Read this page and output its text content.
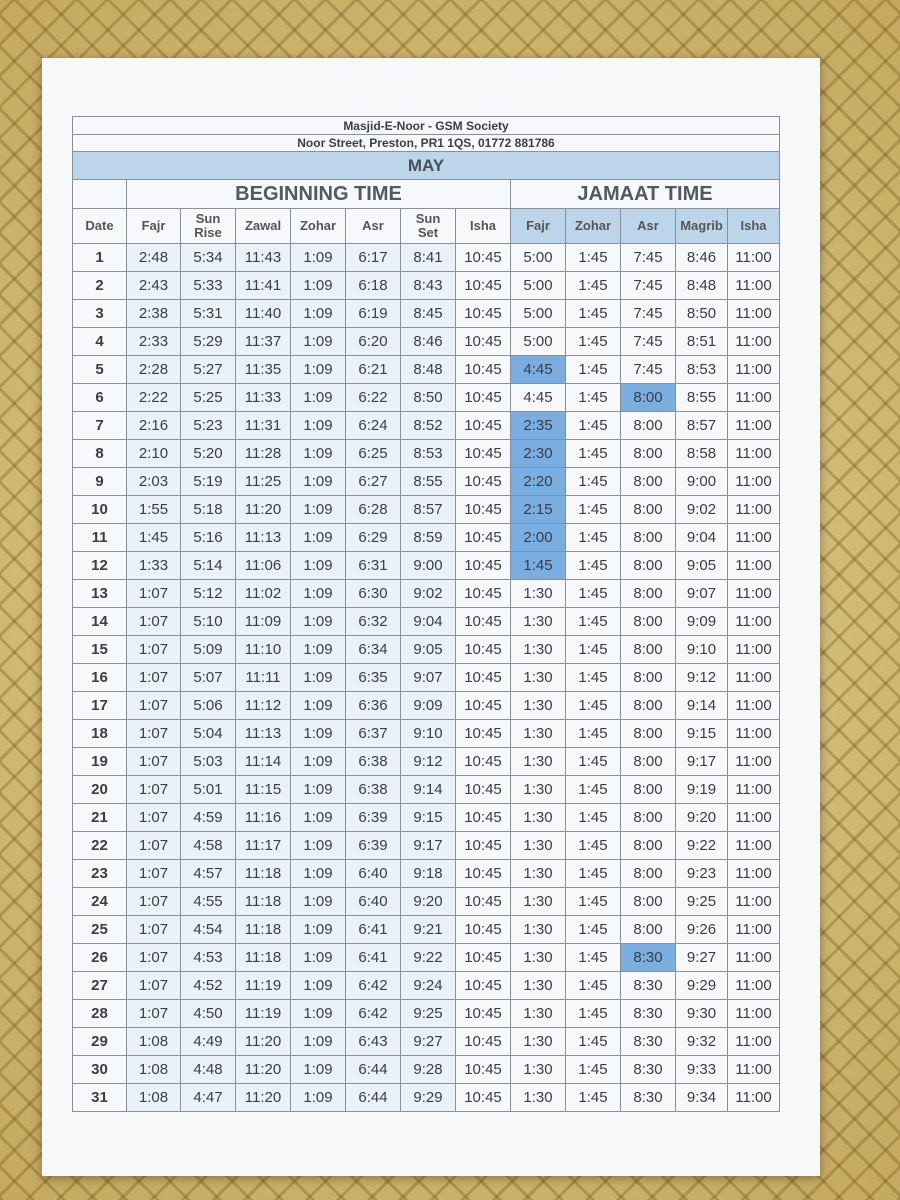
Masjid-E-Noor - GSM Society												
Noor Street, Preston, PR1 1QS, 01772 881786												
MAY												
	BEGINNING TIME							JAMAAT TIME				
Date	Fajr	Sun Rise	Zawal	Zohar	Asr	Sun Set	Isha	Fajr	Zohar	Asr	Magrib	Isha
1	2:48	5:34	11:43	1:09	6:17	8:41	10:45	5:00	1:45	7:45	8:46	11:00
2	2:43	5:33	11:41	1:09	6:18	8:43	10:45	5:00	1:45	7:45	8:48	11:00
3	2:38	5:31	11:40	1:09	6:19	8:45	10:45	5:00	1:45	7:45	8:50	11:00
4	2:33	5:29	11:37	1:09	6:20	8:46	10:45	5:00	1:45	7:45	8:51	11:00
5	2:28	5:27	11:35	1:09	6:21	8:48	10:45	4:45	1:45	7:45	8:53	11:00
6	2:22	5:25	11:33	1:09	6:22	8:50	10:45	4:45	1:45	8:00	8:55	11:00
7	2:16	5:23	11:31	1:09	6:24	8:52	10:45	2:35	1:45	8:00	8:57	11:00
8	2:10	5:20	11:28	1:09	6:25	8:53	10:45	2:30	1:45	8:00	8:58	11:00
9	2:03	5:19	11:25	1:09	6:27	8:55	10:45	2:20	1:45	8:00	9:00	11:00
10	1:55	5:18	11:20	1:09	6:28	8:57	10:45	2:15	1:45	8:00	9:02	11:00
11	1:45	5:16	11:13	1:09	6:29	8:59	10:45	2:00	1:45	8:00	9:04	11:00
12	1:33	5:14	11:06	1:09	6:31	9:00	10:45	1:45	1:45	8:00	9:05	11:00
13	1:07	5:12	11:02	1:09	6:30	9:02	10:45	1:30	1:45	8:00	9:07	11:00
14	1:07	5:10	11:09	1:09	6:32	9:04	10:45	1:30	1:45	8:00	9:09	11:00
15	1:07	5:09	11:10	1:09	6:34	9:05	10:45	1:30	1:45	8:00	9:10	11:00
16	1:07	5:07	11:11	1:09	6:35	9:07	10:45	1:30	1:45	8:00	9:12	11:00
17	1:07	5:06	11:12	1:09	6:36	9:09	10:45	1:30	1:45	8:00	9:14	11:00
18	1:07	5:04	11:13	1:09	6:37	9:10	10:45	1:30	1:45	8:00	9:15	11:00
19	1:07	5:03	11:14	1:09	6:38	9:12	10:45	1:30	1:45	8:00	9:17	11:00
20	1:07	5:01	11:15	1:09	6:38	9:14	10:45	1:30	1:45	8:00	9:19	11:00
21	1:07	4:59	11:16	1:09	6:39	9:15	10:45	1:30	1:45	8:00	9:20	11:00
22	1:07	4:58	11:17	1:09	6:39	9:17	10:45	1:30	1:45	8:00	9:22	11:00
23	1:07	4:57	11:18	1:09	6:40	9:18	10:45	1:30	1:45	8:00	9:23	11:00
24	1:07	4:55	11:18	1:09	6:40	9:20	10:45	1:30	1:45	8:00	9:25	11:00
25	1:07	4:54	11:18	1:09	6:41	9:21	10:45	1:30	1:45	8:00	9:26	11:00
26	1:07	4:53	11:18	1:09	6:41	9:22	10:45	1:30	1:45	8:30	9:27	11:00
27	1:07	4:52	11:19	1:09	6:42	9:24	10:45	1:30	1:45	8:30	9:29	11:00
28	1:07	4:50	11:19	1:09	6:42	9:25	10:45	1:30	1:45	8:30	9:30	11:00
29	1:08	4:49	11:20	1:09	6:43	9:27	10:45	1:30	1:45	8:30	9:32	11:00
30	1:08	4:48	11:20	1:09	6:44	9:28	10:45	1:30	1:45	8:30	9:33	11:00
31	1:08	4:47	11:20	1:09	6:44	9:29	10:45	1:30	1:45	8:30	9:34	11:00
